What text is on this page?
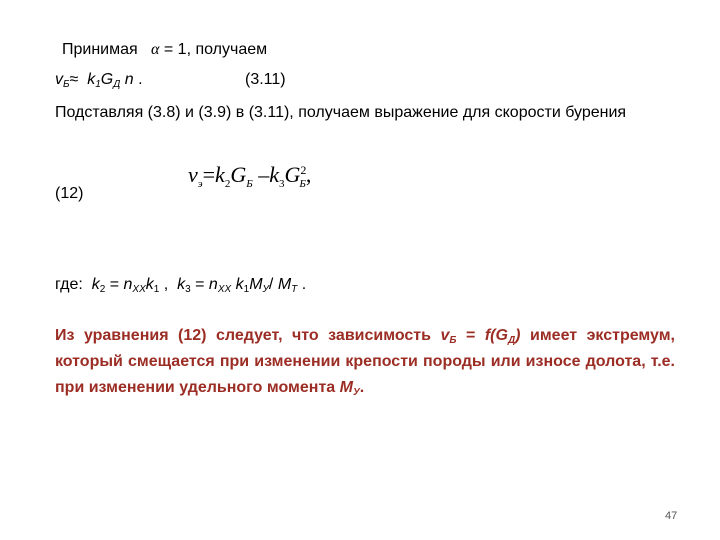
Принимая α = 1, получаем
$v_Б\approx k_1G_Д$ n .	(3.11)
Подставляя (3.8) и (3.9) в (3.11), получаем выражение для скорости бурения
(12)
$v_э=k_2G_Б$ $-k_3G^2_Б$,
где: $k_2 = n_{ХХ}k_1$ , $k_3 = n_{ХХ}$ $k_1M_У/$ $M_Т$ .
Из уравнения (12) следует, что зависимость $v_Б = f(G_Д)$ имеет экстремум, который смещается при изменении крепости породы или износе долота, т.е. при изменении удельного момента $M_У$.
47
